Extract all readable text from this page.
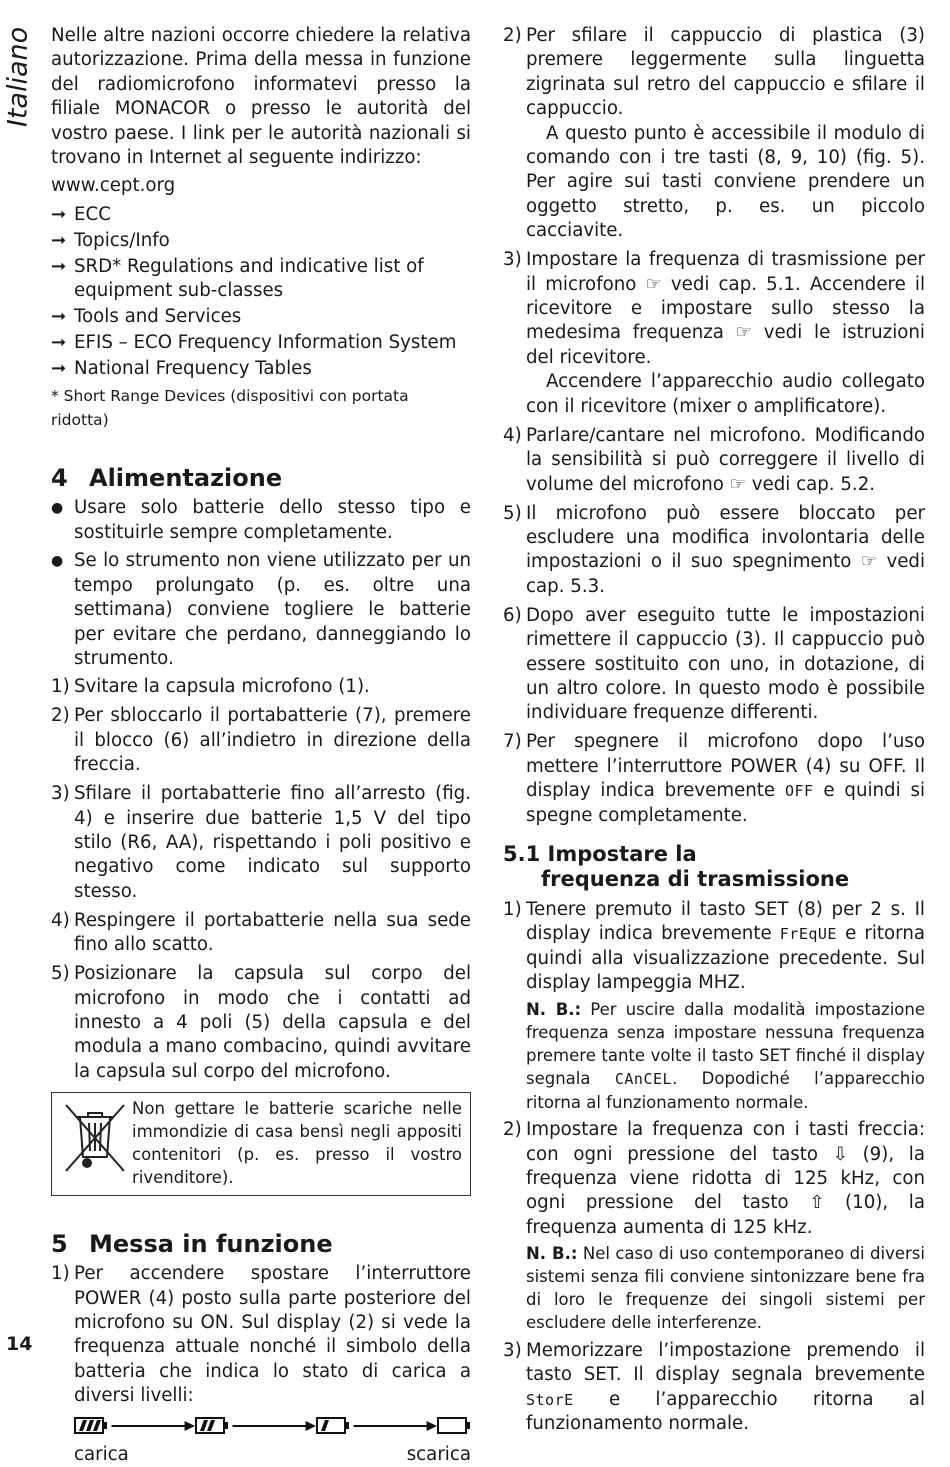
Italiano
14

Nelle altre nazioni occorre chiedere la relativa autorizzazione. Prima della messa in funzione del radiomicrofono informatevi presso la filiale MONACOR o presso le autorità del vostro paese. I link per le autorità nazionali si trovano in Internet al seguente indirizzo:

www.cept.org

➞ ECC
➞ Topics/Info
➞ SRD* Regulations and indicative list of equipment sub-classes
➞ Tools and Services
➞ EFIS – ECO Frequency Information System
➞ National Frequency Tables

* Short Range Devices (dispositivi con portata ridotta)

4 Alimentazione
● Usare solo batterie dello stesso tipo e sostituirle sempre completamente.
● Se lo strumento non viene utilizzato per un tempo prolungato (p. es. oltre una settimana) conviene togliere le batterie per evitare che perdano, danneggiando lo strumento.
1) Svitare la capsula microfono (1).
2) Per sbloccarlo il portabatterie (7), premere il blocco (6) all’indietro in direzione della freccia.
3) Sfilare il portabatterie fino all’arresto (fig. 4) e inserire due batterie 1,5 V del tipo stilo (R6, AA), rispettando i poli positivo e negativo come indicato sul supporto stesso.
4) Respingere il portabatterie nella sua sede fino allo scatto.
5) Posizionare la capsula sul corpo del microfono in modo che i contatti ad innesto a 4 poli (5) della capsula e del modula a mano combacino, quindi avvitare la capsula sul corpo del microfono.
Non gettare le batterie scariche nelle immondizie di casa bensì negli appositi contenitori (p. es. presso il vostro rivenditore).
5 Messa in funzione
1) Per accendere spostare l’interruttore POWER (4) posto sulla parte posteriore del microfono su ON. Sul display (2) si vede la frequenza attuale nonché il simbolo della batteria che indica lo stato di carica a diversi livelli:
carica	scarica
2) Per sfilare il cappuccio di plastica (3) premere leggermente sulla linguetta zigrinata sul retro del cappuccio e sfilare il cappuccio.

A questo punto è accessibile il modulo di comando con i tre tasti (8, 9, 10) (fig. 5). Per agire sui tasti conviene prendere un oggetto stretto, p. es. un piccolo cacciavite.

3) Impostare la frequenza di trasmissione per il microfono ☞ vedi cap. 5.1. Accendere il ricevitore e impostare sullo stesso la medesima frequenza ☞ vedi le istruzioni del ricevitore.

Accendere l’apparecchio audio collegato con il ricevitore (mixer o amplificatore).

4) Parlare/cantare nel microfono. Modificando la sensibilità si può correggere il livello di volume del microfono ☞ vedi cap. 5.2.
5) Il microfono può essere bloccato per escludere una modifica involontaria delle impostazioni o il suo spegnimento ☞ vedi cap. 5.3.
6) Dopo aver eseguito tutte le impostazioni rimettere il cappuccio (3). Il cappuccio può essere sostituito con uno, in dotazione, di un altro colore. In questo modo è possibile individuare frequenze differenti.
7) Per spegnere il microfono dopo l’uso mettere l’interruttore POWER (4) su OFF. Il display indica brevemente OFF e quindi si spegne completamente.
5.1 Impostare la
frequenza di trasmissione
1) Tenere premuto il tasto SET (8) per 2 s. Il display indica brevemente FrEqUE e ritorna quindi alla visualizzazione precedente. Sul display lampeggia MHZ.

N. B.: Per uscire dalla modalità impostazione frequenza senza impostare nessuna frequenza premere tante volte il tasto SET finché il display segnala CAnCEL. Dopodiché l’apparecchio ritorna al funzionamento normale.

2) Impostare la frequenza con i tasti freccia: con ogni pressione del tasto ⇩ (9), la frequenza viene ridotta di 125 kHz, con ogni pressione del tasto ⇧ (10), la frequenza aumenta di 125 kHz.

N. B.: Nel caso di uso contemporaneo di diversi sistemi senza fili conviene sintonizzare bene fra di loro le frequenze dei singoli sistemi per escludere delle interferenze.

3) Memorizzare l’impostazione premendo il tasto SET. Il display segnala brevemente StorE e l’apparecchio ritorna al funzionamento normale.
